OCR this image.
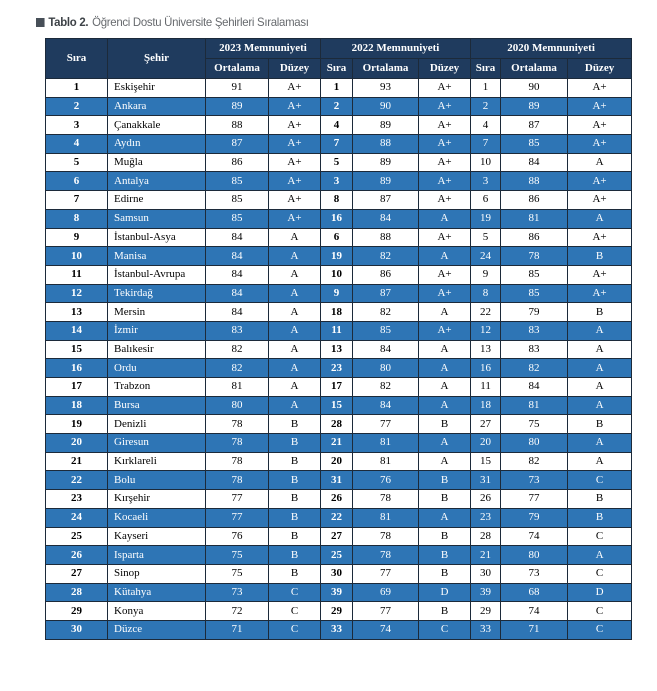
Tablo 2. Öğrenci Dostu Üniversite Şehirleri Sıralaması
Sıra	Şehir	2023 Memnuniyeti		2022 Memnuniyeti			2020 Memnuniyeti		
		Ortalama	Düzey	Sıra	Ortalama	Düzey	Sıra	Ortalama	Düzey
1	Eskişehir	91	A+	1	93	A+	1	90	A+
2	Ankara	89	A+	2	90	A+	2	89	A+
3	Çanakkale	88	A+	4	89	A+	4	87	A+
4	Aydın	87	A+	7	88	A+	7	85	A+
5	Muğla	86	A+	5	89	A+	10	84	A
6	Antalya	85	A+	3	89	A+	3	88	A+
7	Edirne	85	A+	8	87	A+	6	86	A+
8	Samsun	85	A+	16	84	A	19	81	A
9	İstanbul-Asya	84	A	6	88	A+	5	86	A+
10	Manisa	84	A	19	82	A	24	78	B
11	İstanbul-Avrupa	84	A	10	86	A+	9	85	A+
12	Tekirdağ	84	A	9	87	A+	8	85	A+
13	Mersin	84	A	18	82	A	22	79	B
14	İzmir	83	A	11	85	A+	12	83	A
15	Balıkesir	82	A	13	84	A	13	83	A
16	Ordu	82	A	23	80	A	16	82	A
17	Trabzon	81	A	17	82	A	11	84	A
18	Bursa	80	A	15	84	A	18	81	A
19	Denizli	78	B	28	77	B	27	75	B
20	Giresun	78	B	21	81	A	20	80	A
21	Kırklareli	78	B	20	81	A	15	82	A
22	Bolu	78	B	31	76	B	31	73	C
23	Kırşehir	77	B	26	78	B	26	77	B
24	Kocaeli	77	B	22	81	A	23	79	B
25	Kayseri	76	B	27	78	B	28	74	C
26	Isparta	75	B	25	78	B	21	80	A
27	Sinop	75	B	30	77	B	30	73	C
28	Kütahya	73	C	39	69	D	39	68	D
29	Konya	72	C	29	77	B	29	74	C
30	Düzce	71	C	33	74	C	33	71	C
